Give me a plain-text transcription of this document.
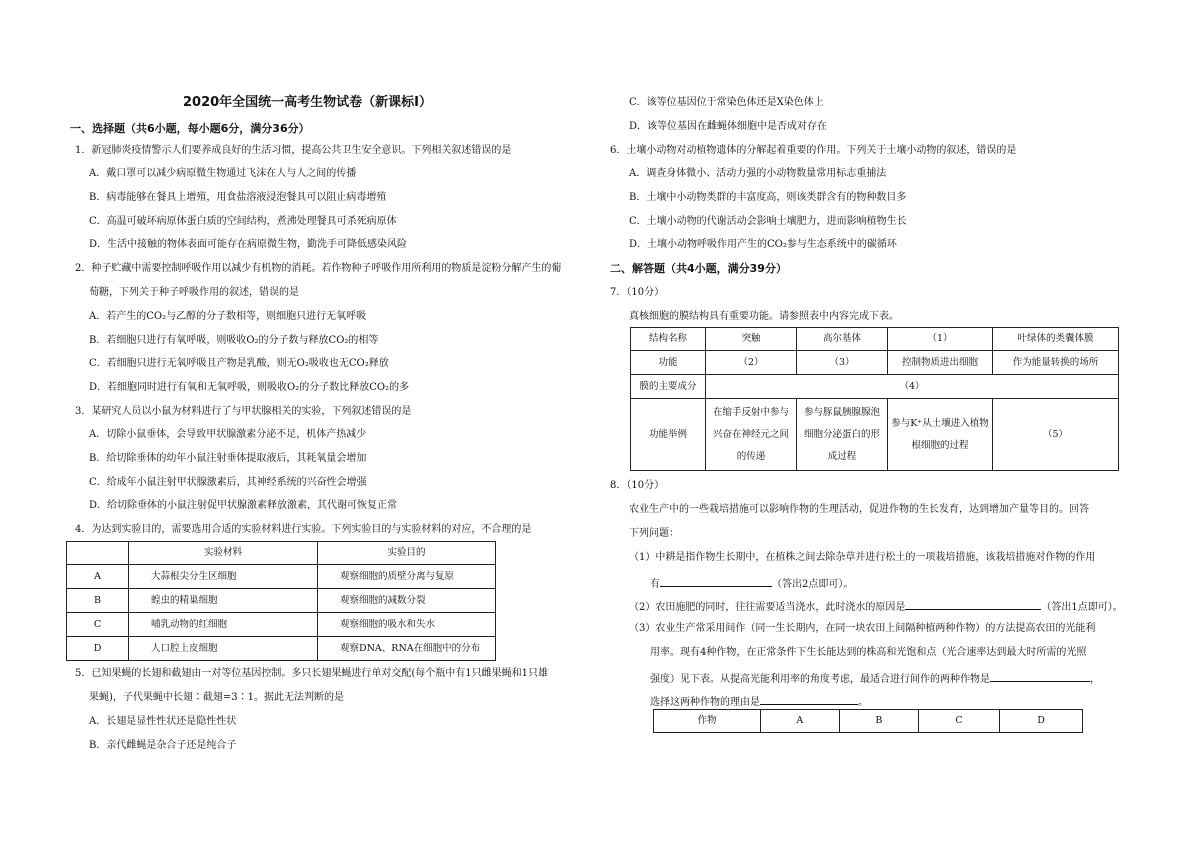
2020年全国统一高考生物试卷（新课标Ⅰ）
一、选择题（共6小题，每小题6分，满分36分）
1．新冠肺炎疫情警示人们要养成良好的生活习惯，提高公共卫生安全意识。下列相关叙述错误的是
A．戴口罩可以减少病原微生物通过飞沫在人与人之间的传播
B．病毒能够在餐具上增殖，用食盐溶液浸泡餐具可以阻止病毒增殖
C．高温可破坏病原体蛋白质的空间结构，煮沸处理餐具可杀死病原体
D．生活中接触的物体表面可能存在病原微生物，勤洗手可降低感染风险
2．种子贮藏中需要控制呼吸作用以减少有机物的消耗。若作物种子呼吸作用所利用的物质是淀粉分解产生的葡
萄糖，下列关于种子呼吸作用的叙述，错误的是
A．若产生的CO₂与乙醇的分子数相等，则细胞只进行无氧呼吸
B．若细胞只进行有氧呼吸，则吸收O₂的分子数与释放CO₂的相等
C．若细胞只进行无氧呼吸且产物是乳酸，则无O₂吸收也无CO₂释放
D．若细胞同时进行有氧和无氧呼吸，则吸收O₂的分子数比释放CO₂的多
3．某研究人员以小鼠为材料进行了与甲状腺相关的实验，下列叙述错误的是
A．切除小鼠垂体，会导致甲状腺激素分泌不足，机体产热减少
B．给切除垂体的幼年小鼠注射垂体提取液后，其耗氧量会增加
C．给成年小鼠注射甲状腺激素后，其神经系统的兴奋性会增强
D．给切除垂体的小鼠注射促甲状腺激素释放激素，其代谢可恢复正常
4．为达到实验目的，需要选用合适的实验材料进行实验。下列实验目的与实验材料的对应，不合理的是
	实验材料	实验目的
A	大蒜根尖分生区细胞	观察细胞的质壁分离与复原
B	蝗虫的精巢细胞	观察细胞的减数分裂
C	哺乳动物的红细胞	观察细胞的吸水和失水
D	人口腔上皮细胞	观察DNA、RNA在细胞中的分布
5．已知果蝇的长翅和截翅由一对等位基因控制。多只长翅果蝇进行单对交配(每个瓶中有1只雌果蝇和1只雄
果蝇)，子代果蝇中长翅∶截翅=3∶1。据此无法判断的是
A．长翅是显性性状还是隐性性状
B．亲代雌蝇是杂合子还是纯合子
C．该等位基因位于常染色体还是X染色体上
D．该等位基因在雌蝇体细胞中是否成对存在
6．土壤小动物对动植物遗体的分解起着重要的作用。下列关于土壤小动物的叙述，错误的是
A．调查身体微小、活动力强的小动物数量常用标志重捕法
B．土壤中小动物类群的丰富度高，则该类群含有的物种数目多
C．土壤小动物的代谢活动会影响土壤肥力，进而影响植物生长
D．土壤小动物呼吸作用产生的CO₂参与生态系统中的碳循环
二、解答题（共4小题，满分39分）
7．（10分）
真核细胞的膜结构具有重要功能。请参照表中内容完成下表。
结构名称	突触	高尔基体	（1）	叶绿体的类囊体膜
功能	（2）	（3）	控制物质进出细胞	作为能量转换的场所
膜的主要成分	（4）			
功能举例	在缩手反射中参与兴奋在神经元之间的传递	参与豚鼠胰腺腺泡细胞分泌蛋白的形成过程	参与K⁺从土壤进入植物根细胞的过程	（5）
8．（10分）
农业生产中的一些栽培措施可以影响作物的生理活动，促进作物的生长发育，达到增加产量等目的。回答
下列问题：
（1）中耕是指作物生长期中，在植株之间去除杂草并进行松土的一项栽培措施，该栽培措施对作物的作用
有	（答出2点即可）。
（2）农田施肥的同时，往往需要适当浇水，此时浇水的原因是	（答出1点即可）。
（3）农业生产常采用间作（同一生长期内，在同一块农田上间隔种植两种作物）的方法提高农田的光能利
用率。现有4种作物，在正常条件下生长能达到的株高和光饱和点（光合速率达到最大时所需的光照
强度）见下表。从提高光能利用率的角度考虑，最适合进行间作的两种作物是	，
选择这两种作物的理由是	。
作物	A	B	C	D
